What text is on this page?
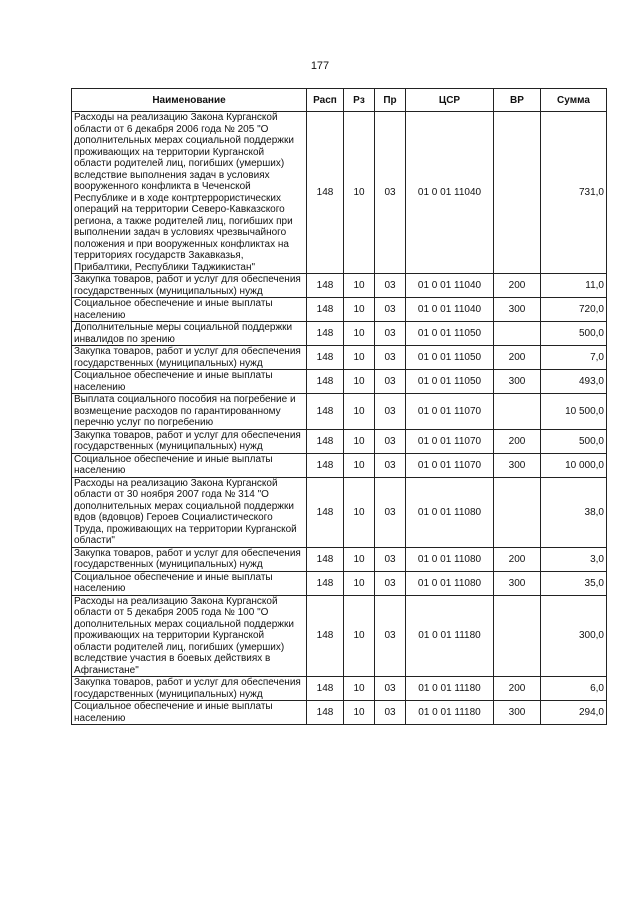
177
Наименование	Расп	Рз	Пр	ЦСР	ВР	Сумма
Расходы на реализацию Закона Курганской области от 6 декабря 2006 года № 205 "О дополнительных мерах социальной поддержки проживающих на территории Курганской области родителей лиц, погибших (умерших) вследствие выполнения задач в условиях вооруженного конфликта в Чеченской Республике и в ходе контртеррористических операций на территории Северо-Кавказского региона, а также родителей лиц, погибших при выполнении задач в условиях чрезвычайного положения и при вооруженных конфликтах на территориях государств Закавказья, Прибалтики, Республики Таджикистан"	148	10	03	01 0 01 11040		731,0
Закупка товаров, работ и услуг для обеспечения государственных (муниципальных) нужд	148	10	03	01 0 01 11040	200	11,0
Социальное обеспечение и иные выплаты населению	148	10	03	01 0 01 11040	300	720,0
Дополнительные меры социальной поддержки инвалидов по зрению	148	10	03	01 0 01 11050		500,0
Закупка товаров, работ и услуг для обеспечения государственных (муниципальных) нужд	148	10	03	01 0 01 11050	200	7,0
Социальное обеспечение и иные выплаты населению	148	10	03	01 0 01 11050	300	493,0
Выплата социального пособия на погребение и возмещение расходов по гарантированному перечню услуг по погребению	148	10	03	01 0 01 11070		10 500,0
Закупка товаров, работ и услуг для обеспечения государственных (муниципальных) нужд	148	10	03	01 0 01 11070	200	500,0
Социальное обеспечение и иные выплаты населению	148	10	03	01 0 01 11070	300	10 000,0
Расходы на реализацию Закона Курганской области от 30 ноября 2007 года № 314 "О дополнительных мерах социальной поддержки вдов (вдовцов) Героев Социалистического Труда, проживающих на территории Курганской области"	148	10	03	01 0 01 11080		38,0
Закупка товаров, работ и услуг для обеспечения государственных (муниципальных) нужд	148	10	03	01 0 01 11080	200	3,0
Социальное обеспечение и иные выплаты населению	148	10	03	01 0 01 11080	300	35,0
Расходы на реализацию Закона Курганской области от 5 декабря 2005 года № 100 "О дополнительных мерах социальной поддержки проживающих на территории Курганской области родителей лиц, погибших (умерших) вследствие участия в боевых действиях в Афганистане"	148	10	03	01 0 01 11180		300,0
Закупка товаров, работ и услуг для обеспечения государственных (муниципальных) нужд	148	10	03	01 0 01 11180	200	6,0
Социальное обеспечение и иные выплаты населению	148	10	03	01 0 01 11180	300	294,0
